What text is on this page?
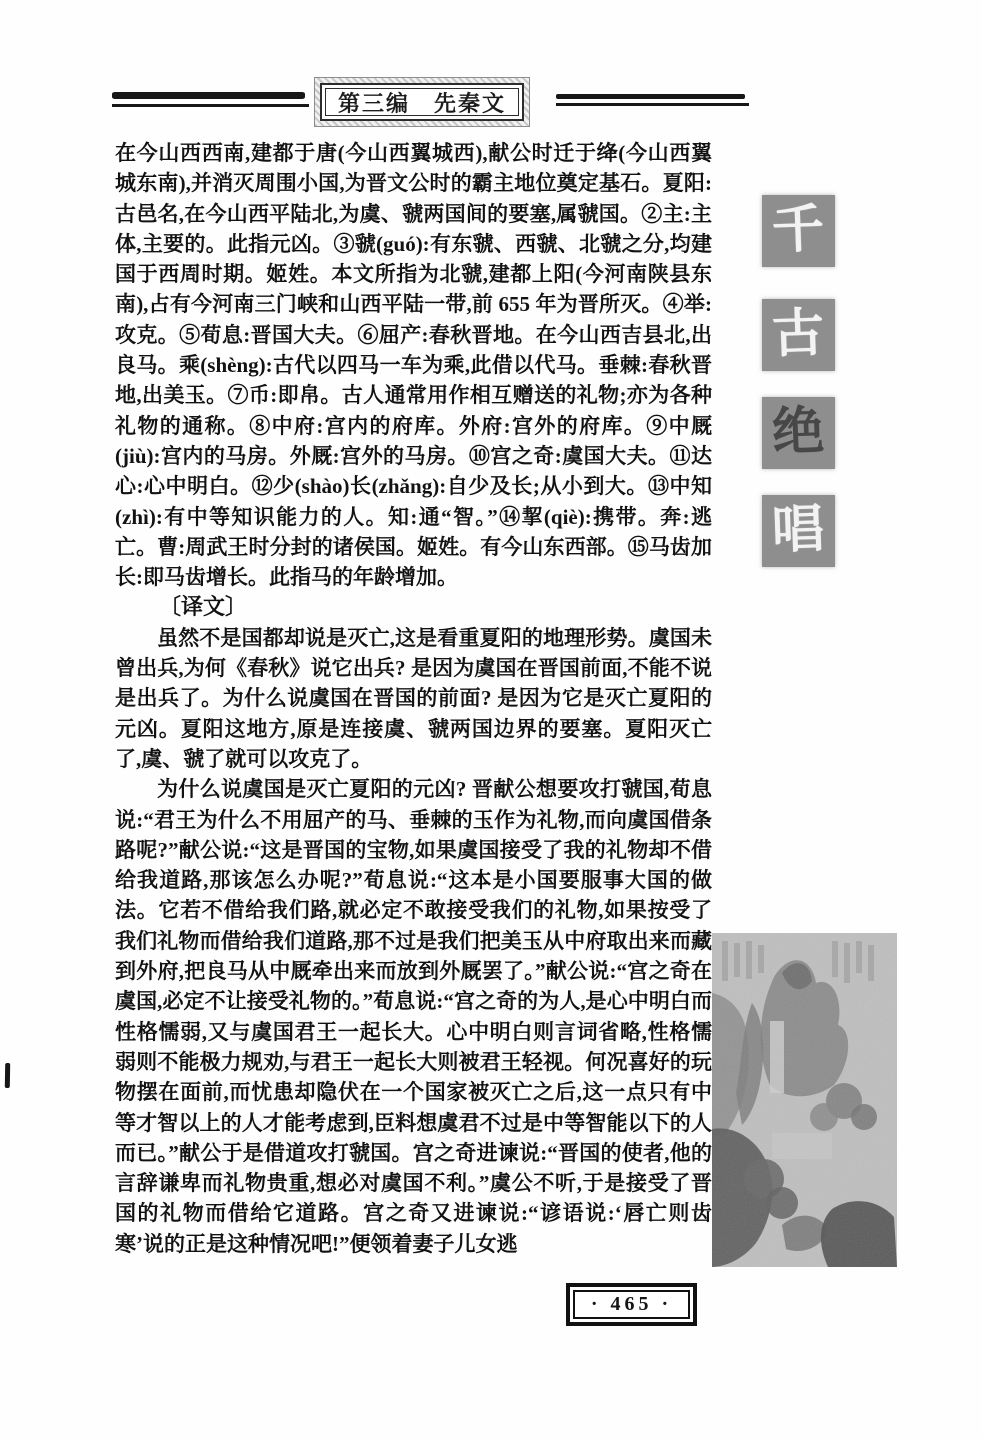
第三编　先秦文

在今山西西南,建都于唐(今山西翼城西),献公时迁于绛(今山西翼城东南),并消灭周围小国,为晋文公时的霸主地位奠定基石。夏阳:古邑名,在今山西平陆北,为虞、虢两国间的要塞,属虢国。②主:主体,主要的。此指元凶。③虢(guó):有东虢、西虢、北虢之分,均建国于西周时期。姬姓。本文所指为北虢,建都上阳(今河南陕县东南),占有今河南三门峡和山西平陆一带,前 655 年为晋所灭。④举:攻克。⑤荀息:晋国大夫。⑥屈产:春秋晋地。在今山西吉县北,出良马。乘(shèng):古代以四马一车为乘,此借以代马。垂棘:春秋晋地,出美玉。⑦币:即帛。古人通常用作相互赠送的礼物;亦为各种礼物的通称。⑧中府:宫内的府库。外府:宫外的府库。⑨中厩(jiù):宫内的马房。外厩:宫外的马房。⑩宫之奇:虞国大夫。⑪达心:心中明白。⑫少(shào)长(zhǎng):自少及长;从小到大。⑬中知(zhì):有中等知识能力的人。知:通“智。”⑭挈(qiè):携带。奔:逃亡。曹:周武王时分封的诸侯国。姬姓。有今山东西部。⑮马齿加长:即马齿增长。此指马的年龄增加。

〔译文〕

虽然不是国都却说是灭亡,这是看重夏阳的地理形势。虞国未曾出兵,为何《春秋》说它出兵? 是因为虞国在晋国前面,不能不说是出兵了。为什么说虞国在晋国的前面? 是因为它是灭亡夏阳的元凶。夏阳这地方,原是连接虞、虢两国边界的要塞。夏阳灭亡了,虞、虢了就可以攻克了。

为什么说虞国是灭亡夏阳的元凶? 晋献公想要攻打虢国,荀息说:“君王为什么不用屈产的马、垂棘的玉作为礼物,而向虞国借条路呢?”献公说:“这是晋国的宝物,如果虞国接受了我的礼物却不借给我道路,那该怎么办呢?”荀息说:“这本是小国要服事大国的做法。它若不借给我们路,就必定不敢接受我们的礼物,如果按受了我们礼物而借给我们道路,那不过是我们把美玉从中府取出来而藏到外府,把良马从中厩牵出来而放到外厩罢了。”献公说:“宫之奇在虞国,必定不让接受礼物的。”荀息说:“宫之奇的为人,是心中明白而性格懦弱,又与虞国君王一起长大。心中明白则言词省略,性格懦弱则不能极力规劝,与君王一起长大则被君王轻视。何况喜好的玩物摆在面前,而忧患却隐伏在一个国家被灭亡之后,这一点只有中等才智以上的人才能考虑到,臣料想虞君不过是中等智能以下的人而已。”献公于是借道攻打虢国。宫之奇进谏说:“晋国的使者,他的言辞谦卑而礼物贵重,想必对虞国不利。”虞公不听,于是接受了晋国的礼物而借给它道路。宫之奇又进谏说:“谚语说:‘唇亡则齿寒’说的正是这种情况吧!”便领着妻子儿女逃

千
古
绝
唱
· 465 ·
